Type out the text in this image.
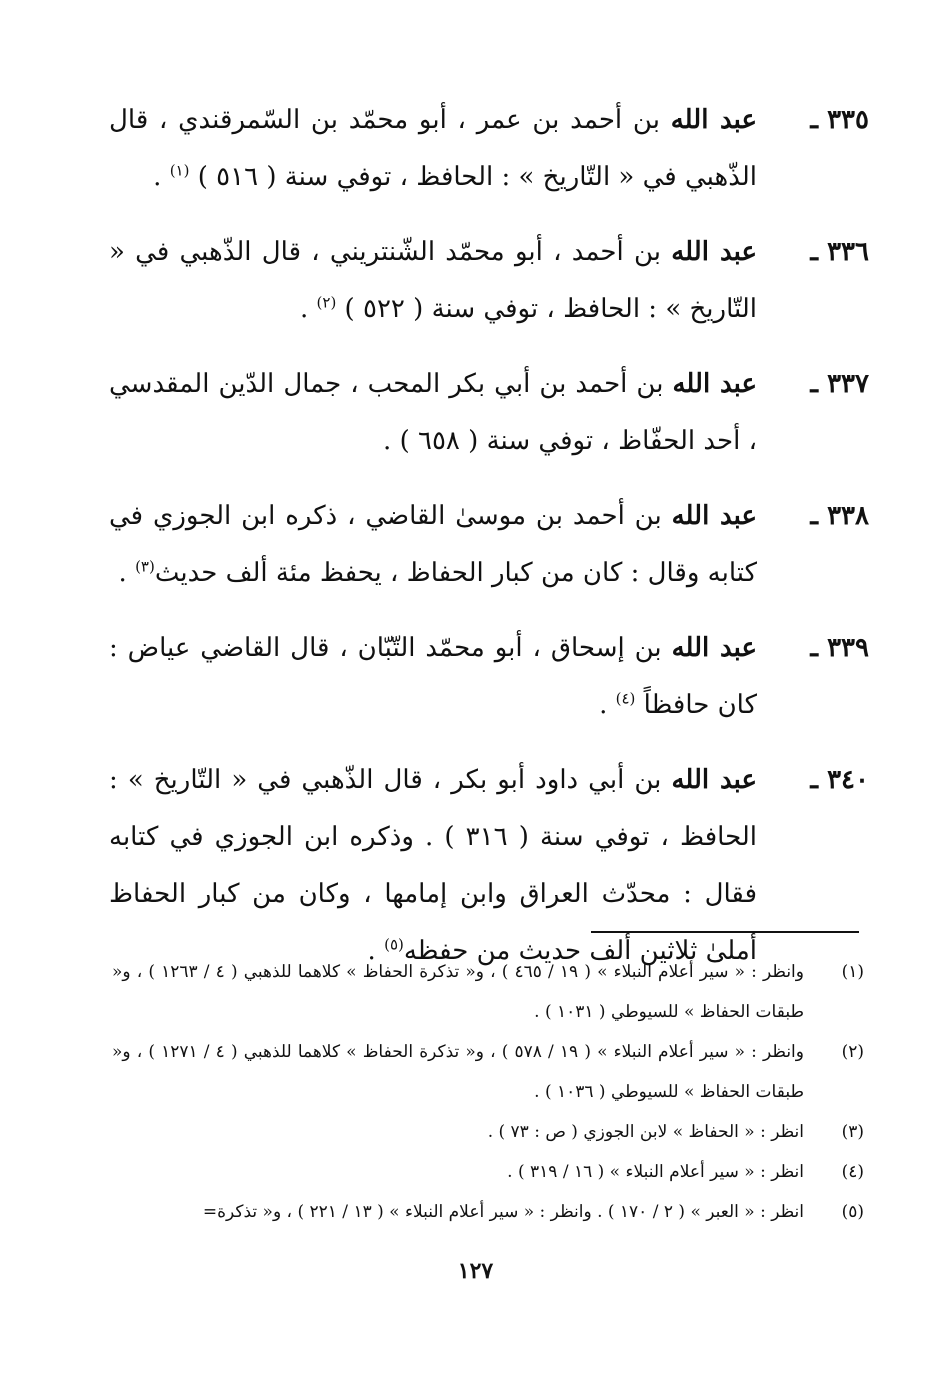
٣٣٥ ـ
عبد الله بن أحمد بن عمر ، أبو محمّد بن السّمرقندي ، قال الذّهبي في « التّاريخ » : الحافظ ، توفي سنة ( ٥١٦ ) $^{(١)}$ .
٣٣٦ ـ
عبد الله بن أحمد ، أبو محمّد الشّنتريني ، قال الذّهبي في « التّاريخ » : الحافظ ، توفي سنة ( ٥٢٢ ) $^{(٢)}$ .
٣٣٧ ـ
عبد الله بن أحمد بن أبي بكر المحب ، جمال الدّين المقدسي ، أحد الحفّاظ ، توفي سنة ( ٦٥٨ ) .
٣٣٨ ـ
عبد الله بن أحمد بن موسىٰ القاضي ، ذكره ابن الجوزي في كتابه وقال : كان من كبار الحفاظ ، يحفظ مئة ألف حديث$^{(٣)}$ .
٣٣٩ ـ
عبد الله بن إسحاق ، أبو محمّد التّبّان ، قال القاضي عياض : كان حافظاً $^{(٤)}$ .
٣٤٠ ـ
عبد الله بن أبي داود أبو بكر ، قال الذّهبي في « التّاريخ » : الحافظ ، توفي سنة ( ٣١٦ ) . وذكره ابن الجوزي في كتابه فقال : محدّث العراق وابن إمامها ، وكان من كبار الحفاظ أملىٰ ثلاثين ألف حديث من حفظه$^{(٥)}$ .
(١)
وانظر : « سير أعلام النبلاء » ( ١٩ / ٤٦٥ ) ، و« تذكرة الحفاظ » كلاهما للذهبي ( ٤ / ١٢٦٣ ) ، و« طبقات الحفاظ » للسيوطي ( ١٠٣١ ) .
(٢)
وانظر : « سير أعلام النبلاء » ( ١٩ / ٥٧٨ ) ، و« تذكرة الحفاظ » كلاهما للذهبي ( ٤ / ١٢٧١ ) ، و« طبقات الحفاظ » للسيوطي ( ١٠٣٦ ) .
(٣)
انظر : « الحفاظ » لابن الجوزي ( ص : ٧٣ ) .
(٤)
انظر : « سير أعلام النبلاء » ( ١٦ / ٣١٩ ) .
(٥)
انظر : « العبر » ( ٢ / ١٧٠ ) . وانظر : « سير أعلام النبلاء » ( ١٣ / ٢٢١ ) ، و« تذكرة=
١٢٧
